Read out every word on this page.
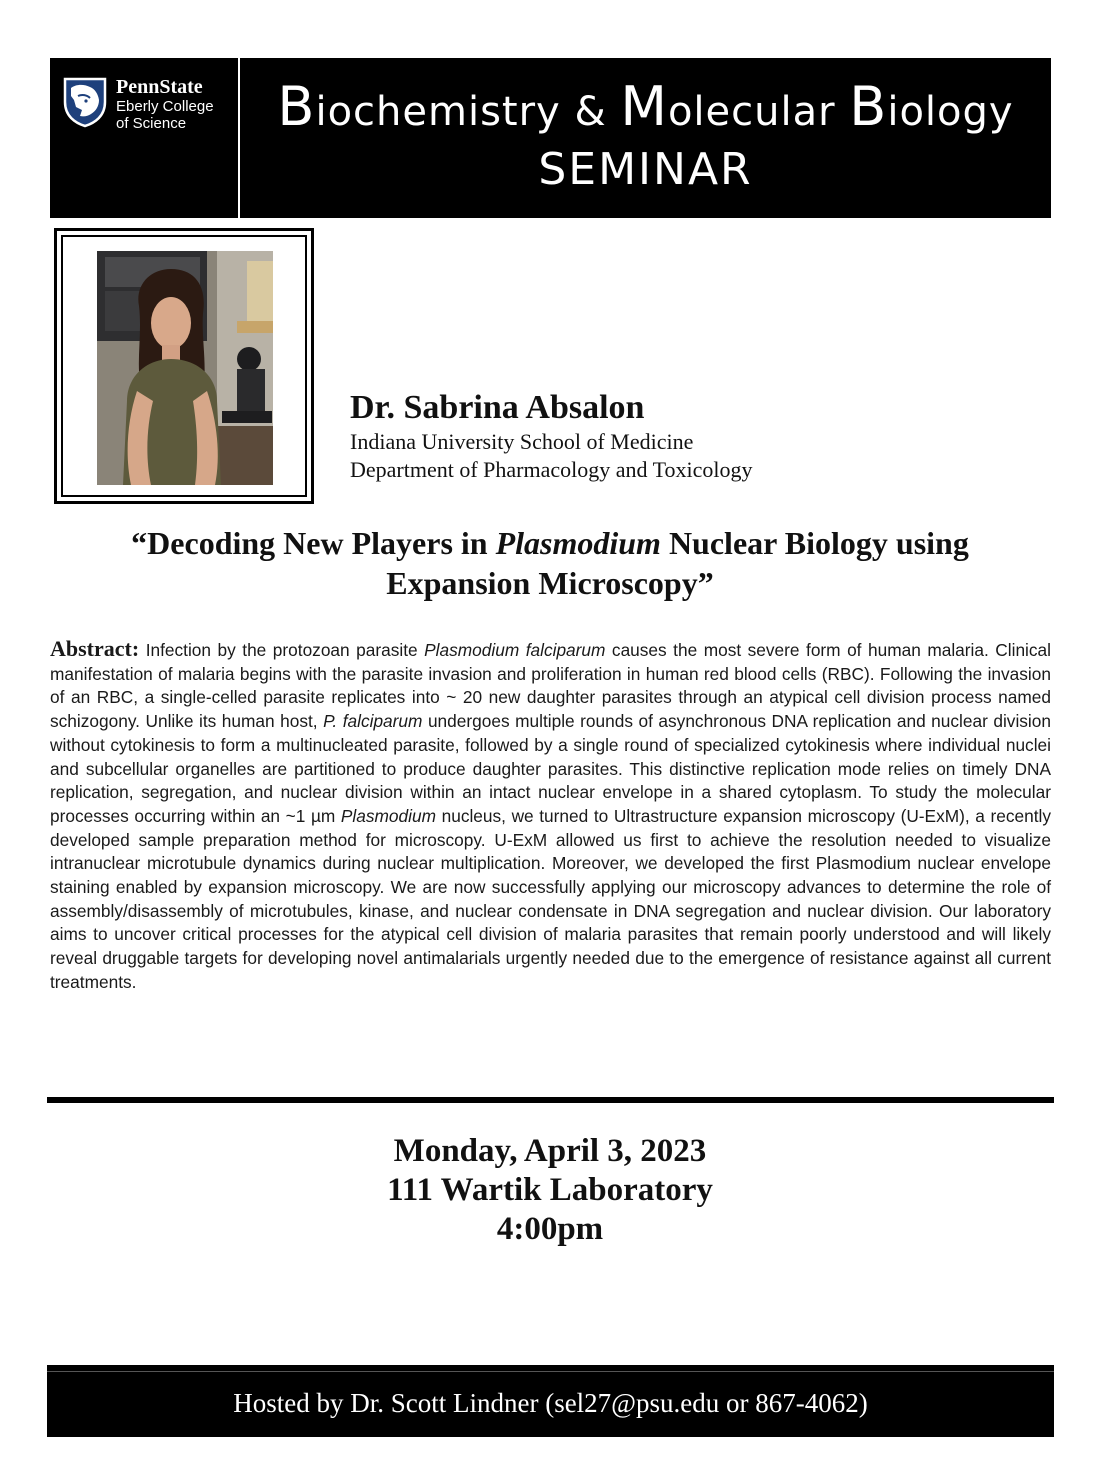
PennState
Eberly College
of Science	Biochemistry & Molecular Biology
SEMINAR
Dr. Sabrina Absalon
Indiana University School of Medicine
Department of Pharmacology and Toxicology
“Decoding New Players in Plasmodium Nuclear Biology using
Expansion Microscopy”
Abstract: Infection by the protozoan parasite Plasmodium falciparum causes the most severe form of human malaria. Clinical manifestation of malaria begins with the parasite invasion and proliferation in human red blood cells (RBC). Following the invasion of an RBC, a single-celled parasite replicates into ~ 20 new daughter parasites through an atypical cell division process named schizogony. Unlike its human host, P. falciparum undergoes multiple rounds of asynchronous DNA replication and nuclear division without cytokinesis to form a multinucleated parasite, followed by a single round of specialized cytokinesis where individual nuclei and subcellular organelles are partitioned to produce daughter parasites. This distinctive replication mode relies on timely DNA replication, segregation, and nuclear division within an intact nuclear envelope in a shared cytoplasm. To study the molecular processes occurring within an ~1 µm Plasmodium nucleus, we turned to Ultrastructure expansion microscopy (U-ExM), a recently developed sample preparation method for microscopy. U-ExM allowed us first to achieve the resolution needed to visualize intranuclear microtubule dynamics during nuclear multiplication. Moreover, we developed the first Plasmodium nuclear envelope staining enabled by expansion microscopy. We are now successfully applying our microscopy advances to determine the role of assembly/disassembly of microtubules, kinase, and nuclear condensate in DNA segregation and nuclear division. Our laboratory aims to uncover critical processes for the atypical cell division of malaria parasites that remain poorly understood and will likely reveal druggable targets for developing novel antimalarials urgently needed due to the emergence of resistance against all current treatments.
Monday, April 3, 2023
111 Wartik Laboratory
4:00pm
Hosted by Dr. Scott Lindner (sel27@psu.edu or 867-4062)
